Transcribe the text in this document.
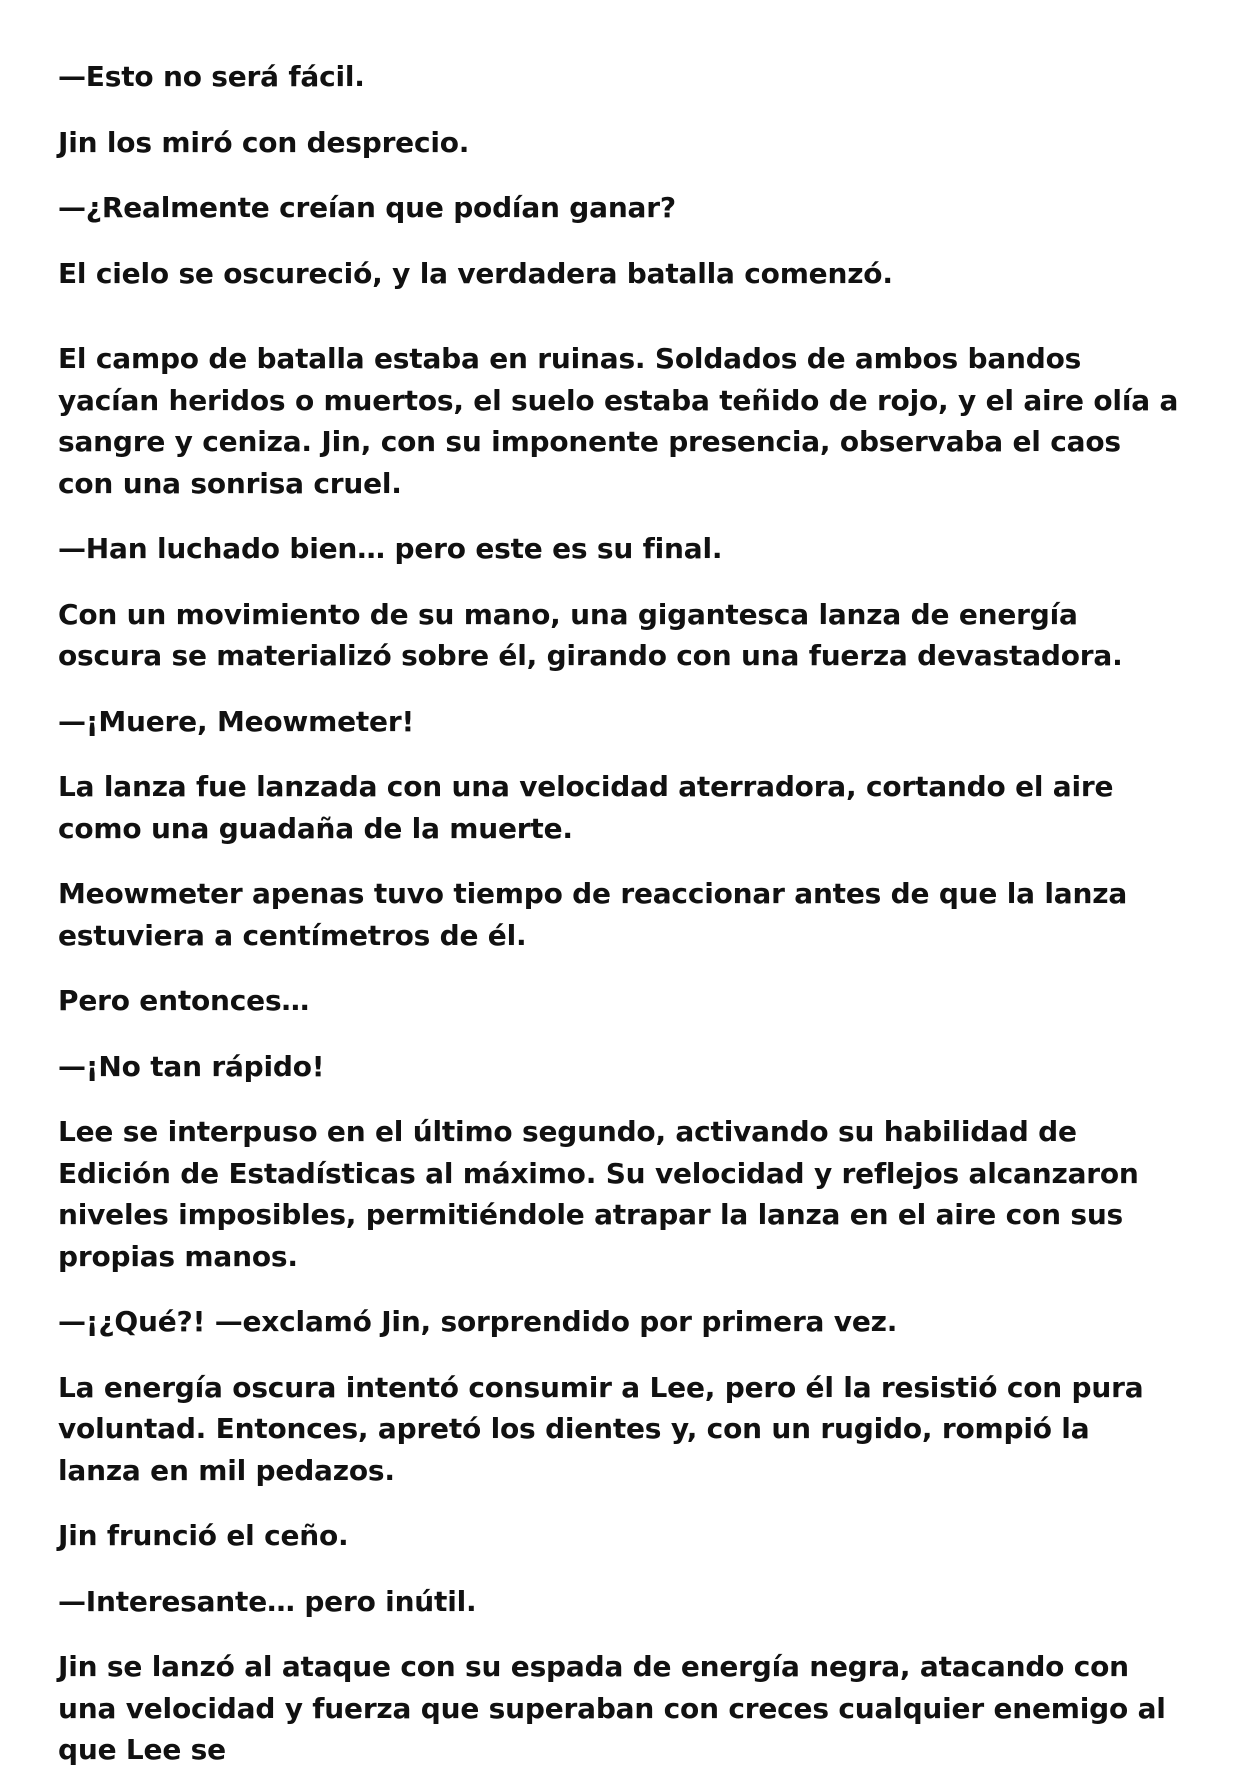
—Esto no será fácil.

Jin los miró con desprecio.

—¿Realmente creían que podían ganar?

El cielo se oscureció, y la verdadera batalla comenzó.

El campo de batalla estaba en ruinas. Soldados de ambos bandos yacían heridos o muertos, el suelo estaba teñido de rojo, y el aire olía a sangre y ceniza. Jin, con su imponente presencia, observaba el caos con una sonrisa cruel.

—Han luchado bien… pero este es su final.

Con un movimiento de su mano, una gigantesca lanza de energía oscura se materializó sobre él, girando con una fuerza devastadora.

—¡Muere, Meowmeter!

La lanza fue lanzada con una velocidad aterradora, cortando el aire como una guadaña de la muerte.

Meowmeter apenas tuvo tiempo de reaccionar antes de que la lanza estuviera a centímetros de él.

Pero entonces…

—¡No tan rápido!

Lee se interpuso en el último segundo, activando su habilidad de Edición de Estadísticas al máximo. Su velocidad y reflejos alcanzaron niveles imposibles, permitiéndole atrapar la lanza en el aire con sus propias manos.

—¡¿Qué?! —exclamó Jin, sorprendido por primera vez.

La energía oscura intentó consumir a Lee, pero él la resistió con pura voluntad. Entonces, apretó los dientes y, con un rugido, rompió la lanza en mil pedazos.

Jin frunció el ceño.

—Interesante… pero inútil.

Jin se lanzó al ataque con su espada de energía negra, atacando con una velocidad y fuerza que superaban con creces cualquier enemigo al que Lee se
